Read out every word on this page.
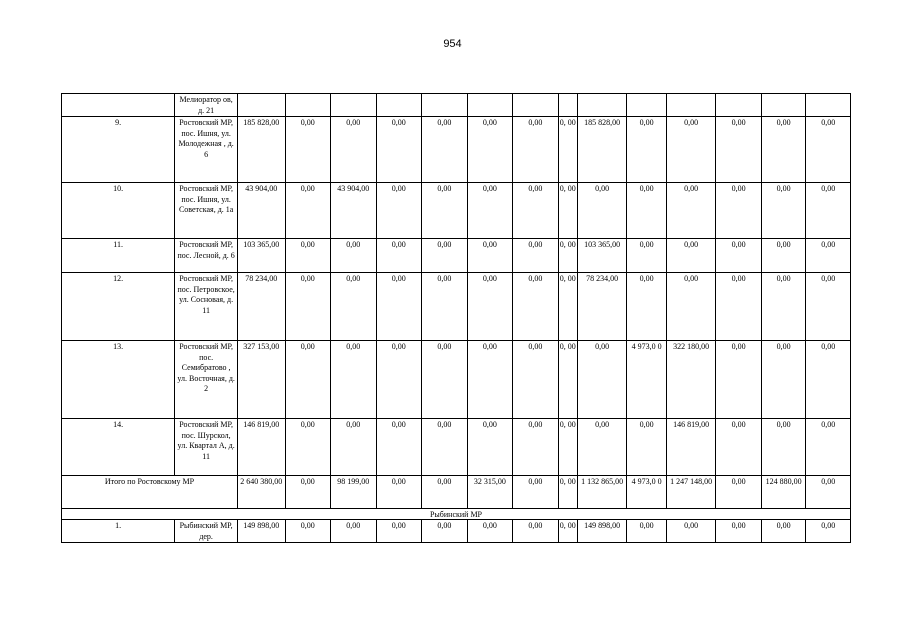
954
	Мелиоратор ов, д. 21														
9.	Ростовский МР, пос. Ишня, ул. Молодежная , д. 6	185 828,00	0,00	0,00	0,00	0,00	0,00	0,00	0, 00	185 828,00	0,00	0,00	0,00	0,00	0,00
10.	Ростовский МР, пос. Ишня, ул. Советская, д. 1а	43 904,00	0,00	43 904,00	0,00	0,00	0,00	0,00	0, 00	0,00	0,00	0,00	0,00	0,00	0,00
11.	Ростовский МР, пос. Лесной, д. 6	103 365,00	0,00	0,00	0,00	0,00	0,00	0,00	0, 00	103 365,00	0,00	0,00	0,00	0,00	0,00
12.	Ростовский МР, пос. Петровское, ул. Сосновая, д. 11	78 234,00	0,00	0,00	0,00	0,00	0,00	0,00	0, 00	78 234,00	0,00	0,00	0,00	0,00	0,00
13.	Ростовский МР, пос. Семибратово , ул. Восточная, д. 2	327 153,00	0,00	0,00	0,00	0,00	0,00	0,00	0, 00	0,00	4 973,0 0	322 180,00	0,00	0,00	0,00
14.	Ростовский МР, пос. Шурскол, ул. Квартал А, д. 11	146 819,00	0,00	0,00	0,00	0,00	0,00	0,00	0, 00	0,00	0,00	146 819,00	0,00	0,00	0,00
Итого по Ростовскому МР		2 640 380,00	0,00	98 199,00	0,00	0,00	32 315,00	0,00	0, 00	1 132 865,00	4 973,0 0	1 247 148,00	0,00	124 880,00	0,00
Рыбинский МР															
1.	Рыбинский МР, дер.	149 898,00	0,00	0,00	0,00	0,00	0,00	0,00	0, 00	149 898,00	0,00	0,00	0,00	0,00	0,00
